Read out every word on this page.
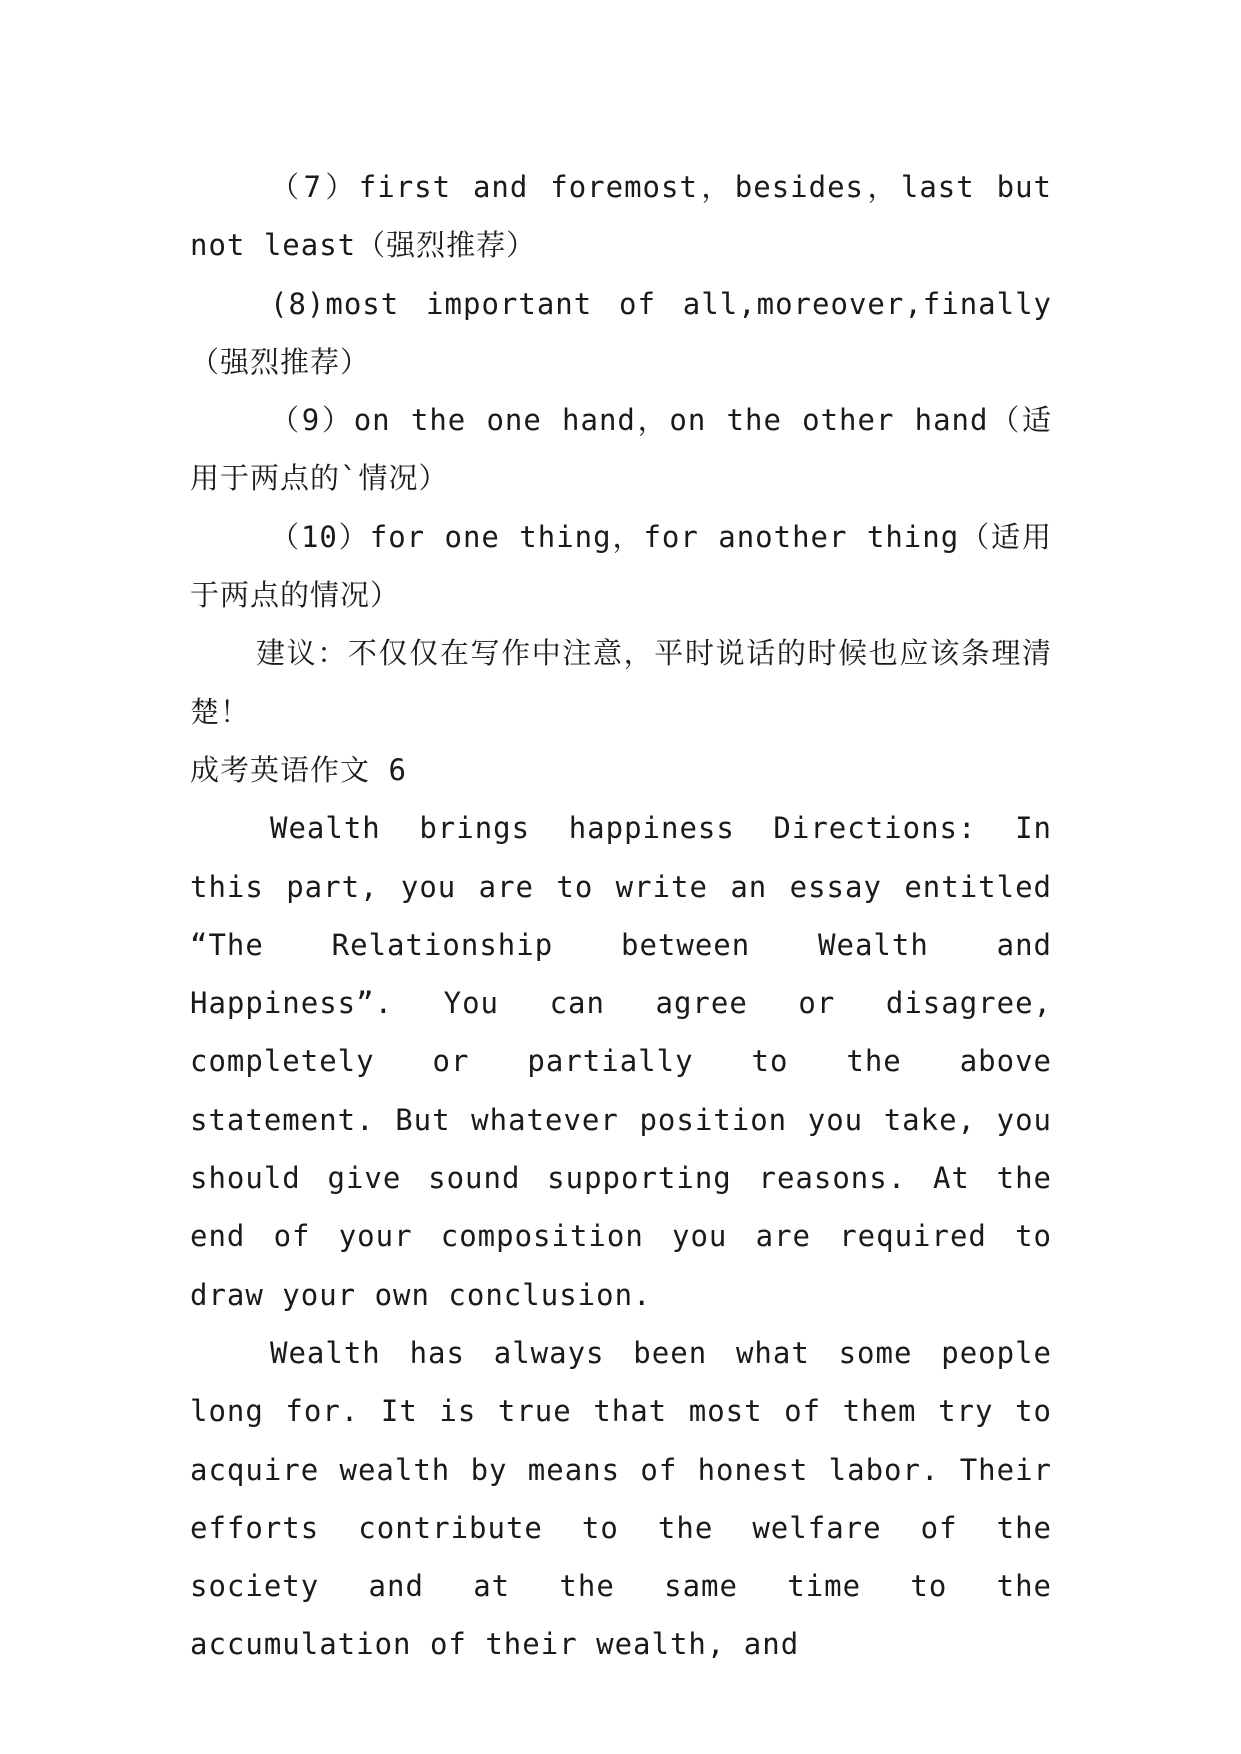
（7）first and foremost，besides，last but not least（强烈推荐）

(8)most important of all,moreover,finally（强烈推荐）

（9）on the one hand，on the other hand（适用于两点的`情况）

（10）for one thing，for another thing（适用于两点的情况）

建议：不仅仅在写作中注意，平时说话的时候也应该条理清楚！

成考英语作文 6

Wealth brings happiness Directions: In this part, you are to write an essay entitled “The Relationship between Wealth and Happiness”. You can agree or disagree, completely or partially to the above statement. But whatever position you take, you should give sound supporting reasons. At the end of your composition you are required to draw your own conclusion.

Wealth has always been what some people long for. It is true that most of them try to acquire wealth by means of honest labor. Their efforts contribute to the welfare of the society and at the same time to the accumulation of their wealth, and
